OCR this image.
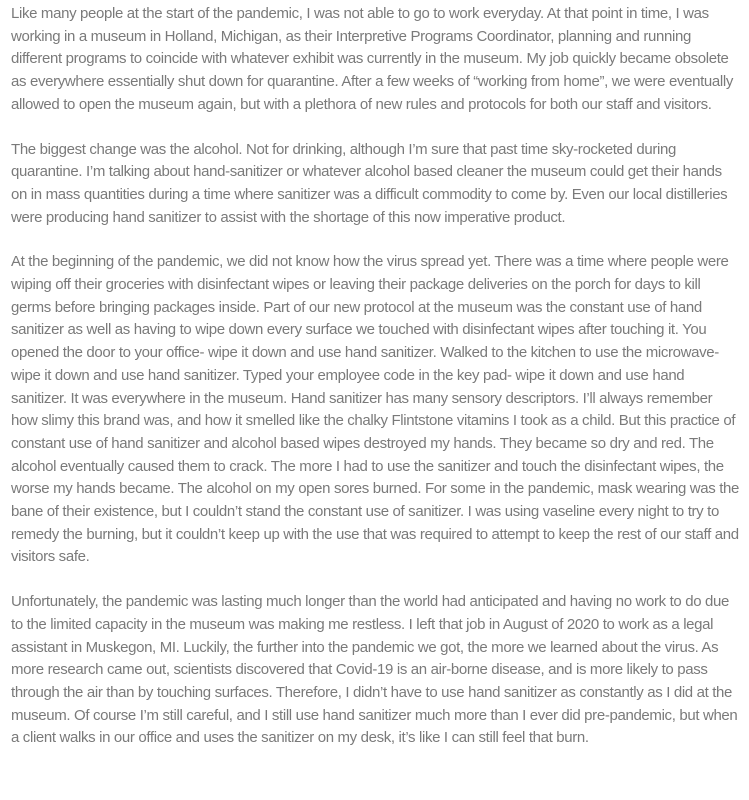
Like many people at the start of the pandemic, I was not able to go to work everyday. At that point in time, I was working in a museum in Holland, Michigan, as their Interpretive Programs Coordinator, planning and running different programs to coincide with whatever exhibit was currently in the museum. My job quickly became obsolete as everywhere essentially shut down for quarantine. After a few weeks of “working from home”, we were eventually allowed to open the museum again, but with a plethora of new rules and protocols for both our staff and visitors.

The biggest change was the alcohol. Not for drinking, although I’m sure that past time sky-rocketed during quarantine. I’m talking about hand-sanitizer or whatever alcohol based cleaner the museum could get their hands on in mass quantities during a time where sanitizer was a difficult commodity to come by. Even our local distilleries were producing hand sanitizer to assist with the shortage of this now imperative product.

At the beginning of the pandemic, we did not know how the virus spread yet. There was a time where people were wiping off their groceries with disinfectant wipes or leaving their package deliveries on the porch for days to kill germs before bringing packages inside. Part of our new protocol at the museum was the constant use of hand sanitizer as well as having to wipe down every surface we touched with disinfectant wipes after touching it. You opened the door to your office- wipe it down and use hand sanitizer. Walked to the kitchen to use the microwave- wipe it down and use hand sanitizer. Typed your employee code in the key pad- wipe it down and use hand sanitizer. It was everywhere in the museum. Hand sanitizer has many sensory descriptors. I’ll always remember how slimy this brand was, and how it smelled like the chalky Flintstone vitamins I took as a child. But this practice of constant use of hand sanitizer and alcohol based wipes destroyed my hands. They became so dry and red. The alcohol eventually caused them to crack. The more I had to use the sanitizer and touch the disinfectant wipes, the worse my hands became. The alcohol on my open sores burned. For some in the pandemic, mask wearing was the bane of their existence, but I couldn’t stand the constant use of sanitizer. I was using vaseline every night to try to remedy the burning, but it couldn’t keep up with the use that was required to attempt to keep the rest of our staff and visitors safe.

Unfortunately, the pandemic was lasting much longer than the world had anticipated and having no work to do due to the limited capacity in the museum was making me restless. I left that job in August of 2020 to work as a legal assistant in Muskegon, MI. Luckily, the further into the pandemic we got, the more we learned about the virus. As more research came out, scientists discovered that Covid-19 is an air-borne disease, and is more likely to pass through the air than by touching surfaces. Therefore, I didn’t have to use hand sanitizer as constantly as I did at the museum. Of course I’m still careful, and I still use hand sanitizer much more than I ever did pre-pandemic, but when a client walks in our office and uses the sanitizer on my desk, it’s like I can still feel that burn.
